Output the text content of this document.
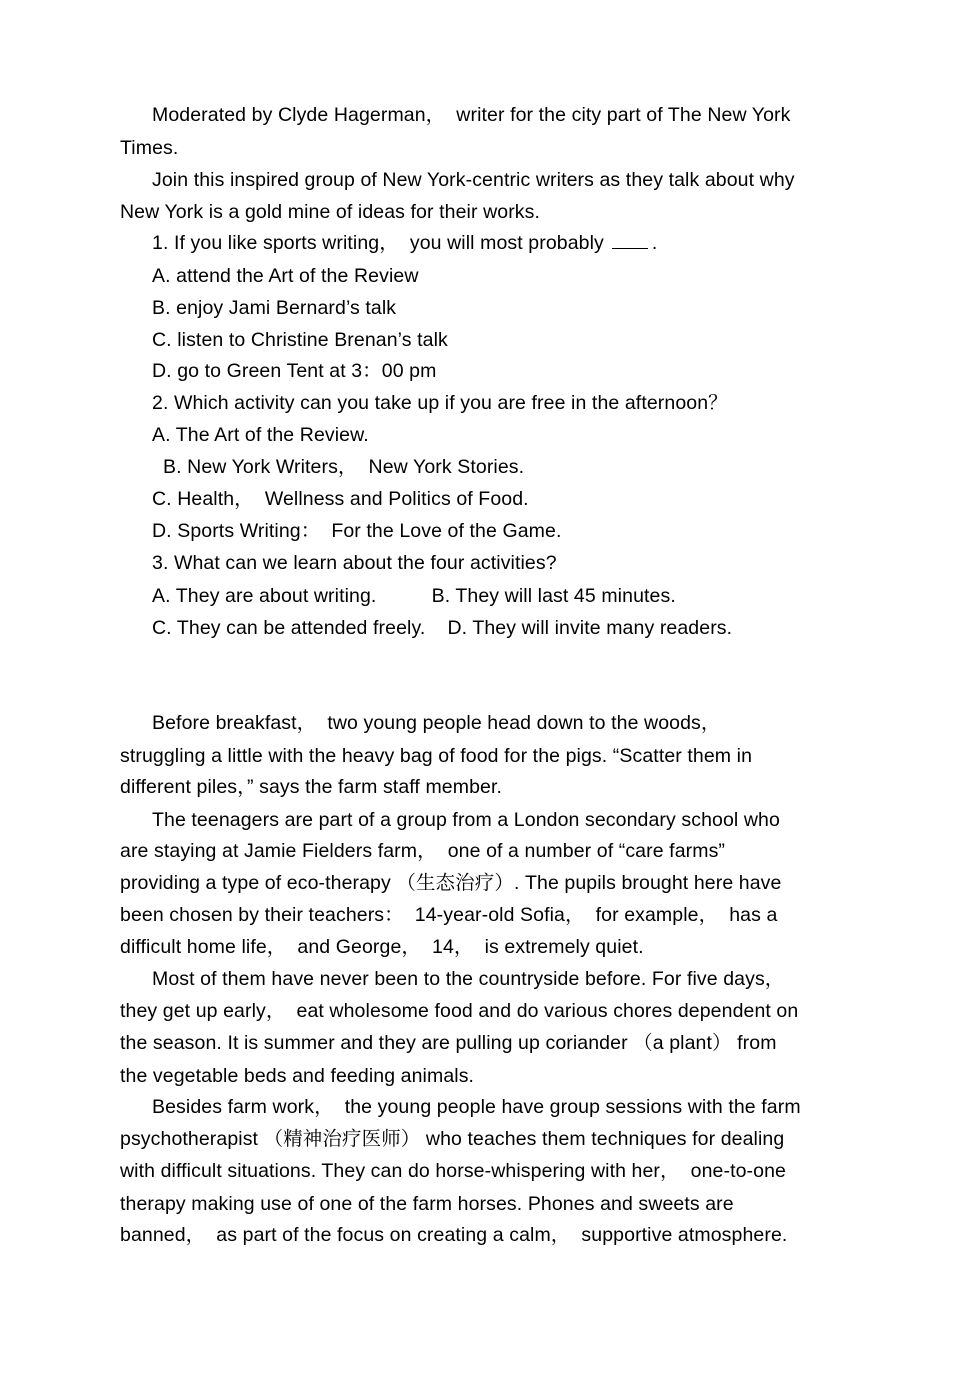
Moderated by Clyde Hagerman，  writer for the city part of The New York
Times.
Join this inspired group of New York-centric writers as they talk about why
New York is a gold mine of ideas for their works.
1. If you like sports writing，  you will most probably .
A. attend the Art of the Review
B. enjoy Jami Bernard’s talk
C. listen to Christine Brenan’s talk
D. go to Green Tent at 3：00 pm
2. Which activity can you take up if you are free in the afternoon？
A. The Art of the Review.
B. New York Writers，  New York Stories.
C. Health，  Wellness and Politics of Food.
D. Sports Writing：  For the Love of the Game.
3. What can we learn about the four activities?
A. They are about writing.          B. They will last 45 minutes.
C. They can be attended freely.    D. They will invite many readers.
Before breakfast，  two young people head down to the woods，
struggling a little with the heavy bag of food for the pigs. “Scatter them in
different piles，” says the farm staff member.
The teenagers are part of a group from a London secondary school who
are staying at Jamie Fielders farm，  one of a number of “care farms”
providing a type of eco-therapy （生态治疗）. The pupils brought here have
been chosen by their teachers：  14-year-old Sofia，  for example，  has a
difficult home life，  and George，  14，  is extremely quiet.
Most of them have never been to the countryside before. For five days，
they get up early，  eat wholesome food and do various chores dependent on
the season. It is summer and they are pulling up coriander （a plant） from
the vegetable beds and feeding animals.
Besides farm work，  the young people have group sessions with the farm
psychotherapist （精神治疗医师） who teaches them techniques for dealing
with difficult situations. They can do horse-whispering with her，  one-to-one
therapy making use of one of the farm horses. Phones and sweets are
banned，  as part of the focus on creating a calm，  supportive atmosphere.
